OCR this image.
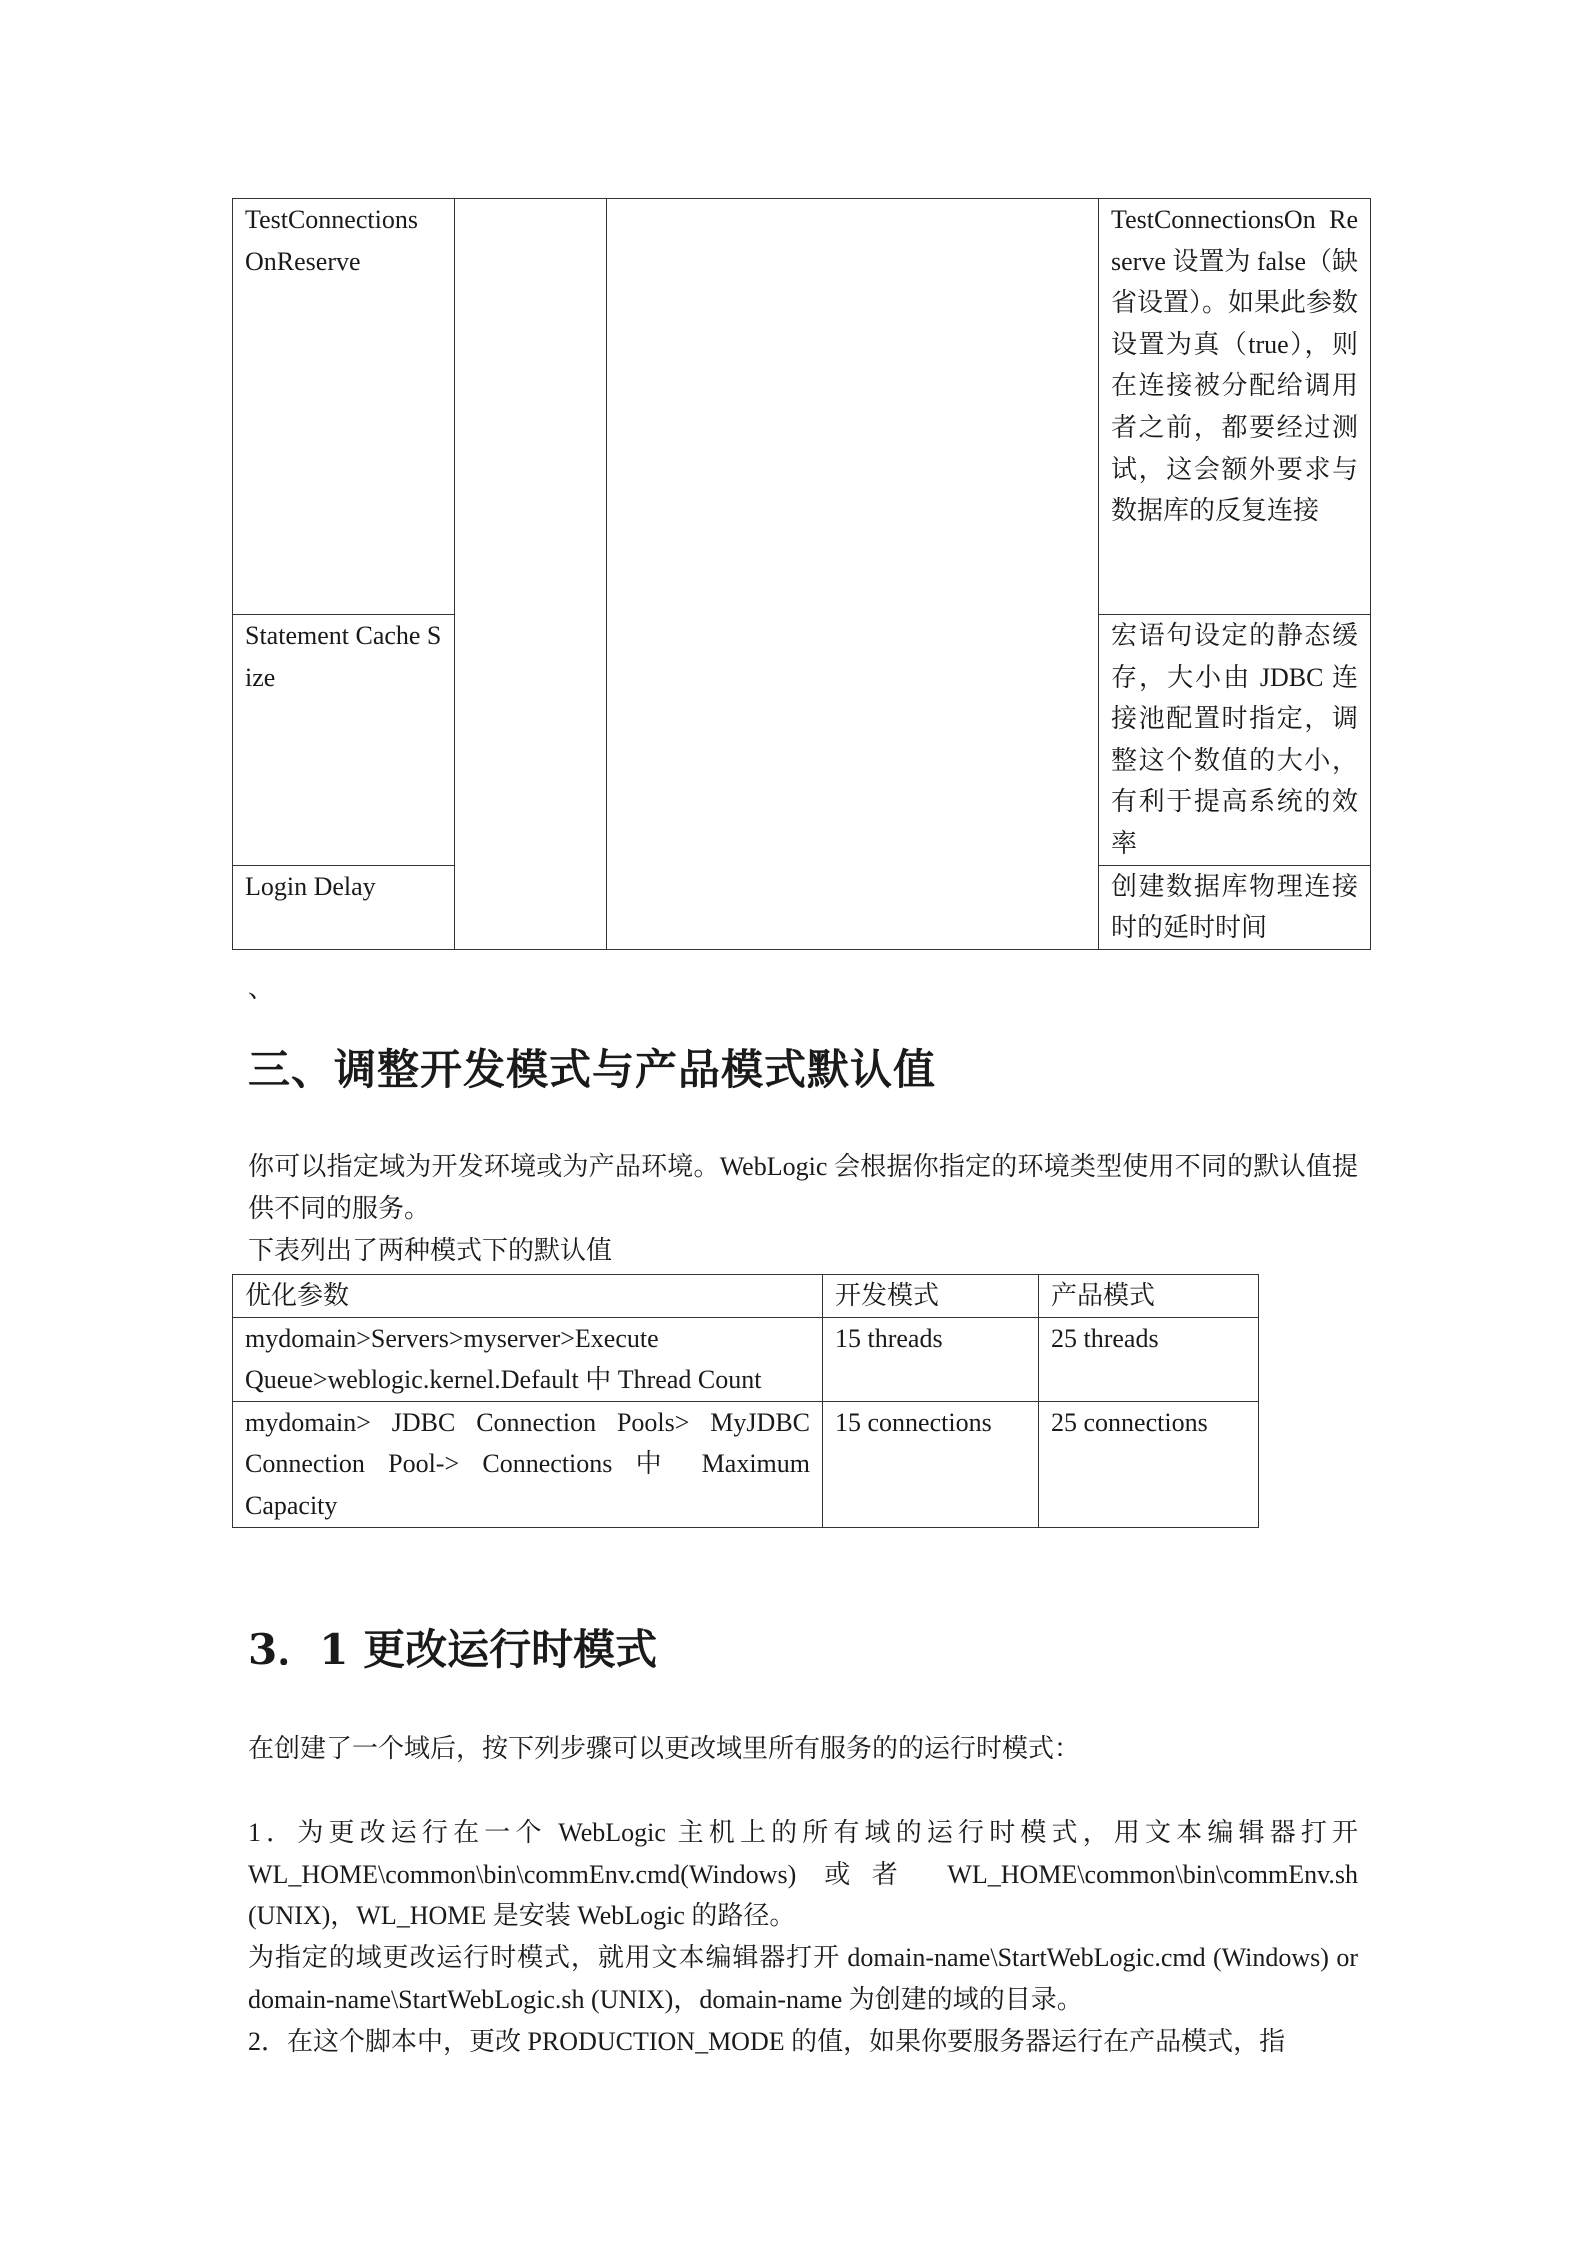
TestConnections OnReserve			TestConnectionsOn Reserve 设置为 false（缺省设置）。如果此参数设置为真（true），则在连接被分配给调用者之前，都要经过测试，这会额外要求与数据库的反复连接
Statement Cache Size			宏语句设定的静态缓存，大小由 JDBC 连接池配置时指定，调整这个数值的大小，有利于提高系统的效率
Login Delay			创建数据库物理连接时的延时时间
、
三、调整开发模式与产品模式默认值

你可以指定域为开发环境或为产品环境。WebLogic 会根据你指定的环境类型使用不同的默认值提供不同的服务。

下表列出了两种模式下的默认值

优化参数	开发模式	产品模式
mydomain>Servers>myserver>Execute Queue>weblogic.kernel.Default 中 Thread Count	15 threads	25 threads
mydomain> JDBC Connection Pools> MyJDBC Connection Pool-> Connections 中 Maximum Capacity	15 connections	25 connections
3．1 更改运行时模式

在创建了一个域后，按下列步骤可以更改域里所有服务的的运行时模式：

1．为更改运行在一个 WebLogic 主机上的所有域的运行时模式，用文本编辑器打开 WL_HOME\common\bin\commEnv.cmd(Windows) 或者 WL_HOME\common\bin\commEnv.sh (UNIX)，WL_HOME 是安装 WebLogic 的路径。

为指定的域更改运行时模式，就用文本编辑器打开 domain-name\StartWebLogic.cmd (Windows) or domain-name\StartWebLogic.sh (UNIX)，domain-name 为创建的域的目录。

2．在这个脚本中，更改 PRODUCTION_MODE 的值，如果你要服务器运行在产品模式，指
